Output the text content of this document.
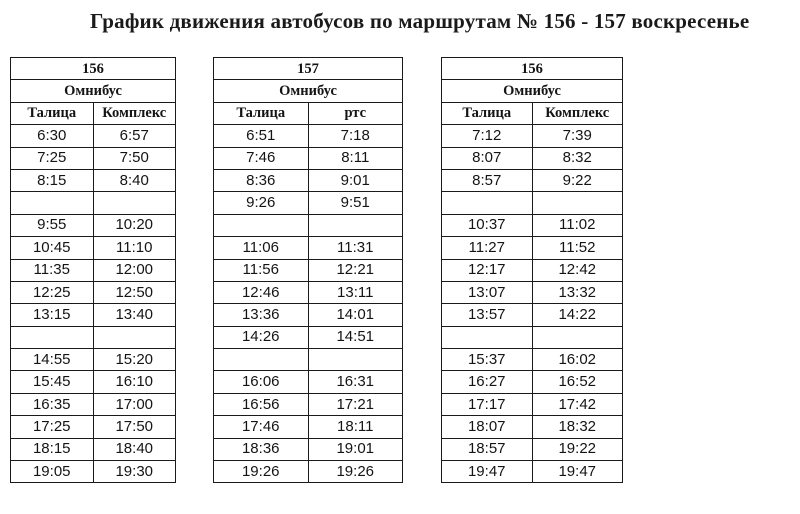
График движения автобусов по маршрутам № 156 - 157 воскресенье
156	
Омнибус	
Талица	Комплекс
6:30	6:57
7:25	7:50
8:15	8:40

9:55	10:20
10:45	11:10
11:35	12:00
12:25	12:50
13:15	13:40

14:55	15:20
15:45	16:10
16:35	17:00
17:25	17:50
18:15	18:40
19:05	19:30
157	
Омнибус	
Талица	ртс
6:51	7:18
7:46	8:11
8:36	9:01
9:26	9:51

11:06	11:31
11:56	12:21
12:46	13:11
13:36	14:01
14:26	14:51

16:06	16:31
16:56	17:21
17:46	18:11
18:36	19:01
19:26	19:26
156	
Омнибус	
Талица	Комплекс
7:12	7:39
8:07	8:32
8:57	9:22

10:37	11:02
11:27	11:52
12:17	12:42
13:07	13:32
13:57	14:22

15:37	16:02
16:27	16:52
17:17	17:42
18:07	18:32
18:57	19:22
19:47	19:47
